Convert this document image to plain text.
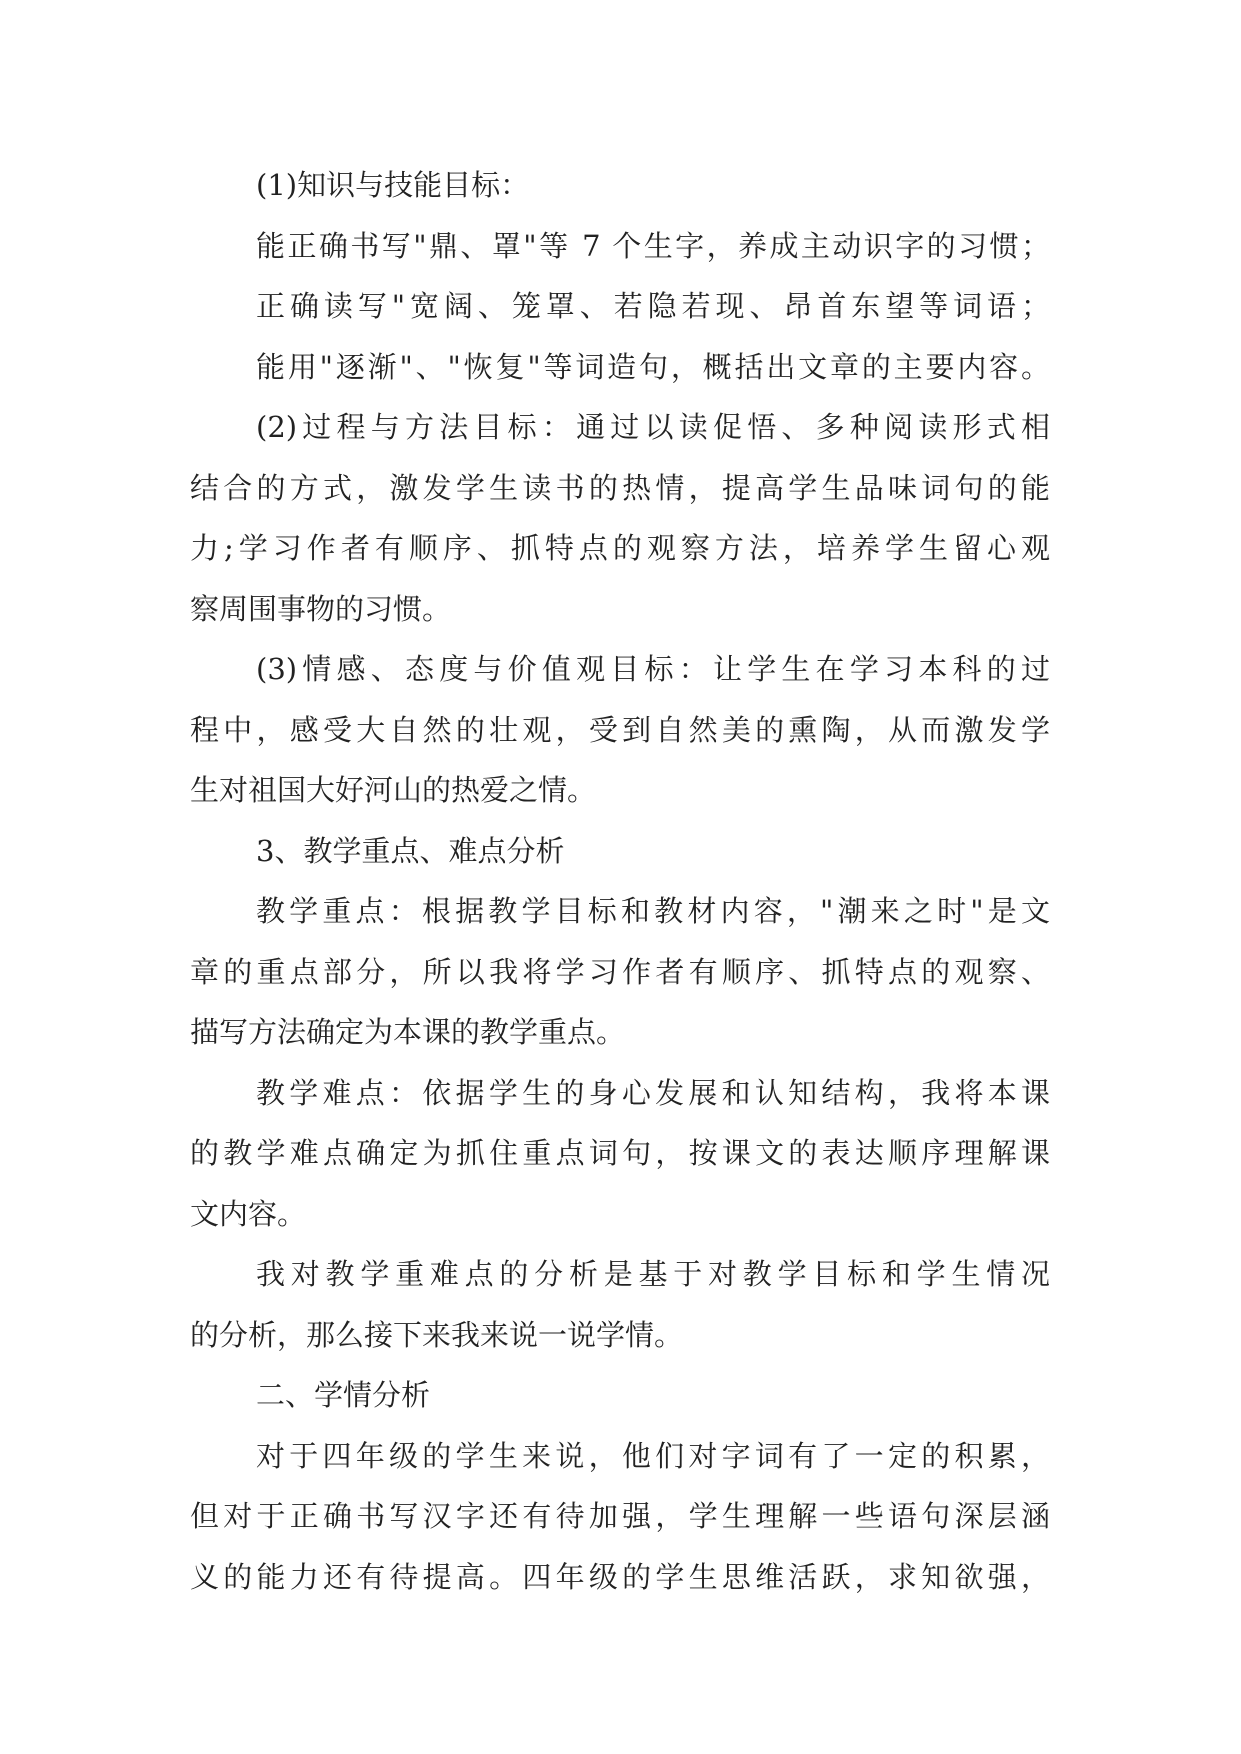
(1)知识与技能目标：
能正确书写"鼎、罩"等 7 个生字，养成主动识字的习惯；
正确读写"宽阔、笼罩、若隐若现、昂首东望等词语；
能用"逐渐"、"恢复"等词造句，概括出文章的主要内容。
(2)过程与方法目标：通过以读促悟、多种阅读形式相
结合的方式，激发学生读书的热情，提高学生品味词句的能
力;学习作者有顺序、抓特点的观察方法，培养学生留心观
察周围事物的习惯。
(3)情感、态度与价值观目标：让学生在学习本科的过
程中，感受大自然的壮观，受到自然美的熏陶，从而激发学
生对祖国大好河山的热爱之情。
3、教学重点、难点分析
教学重点：根据教学目标和教材内容，"潮来之时"是文
章的重点部分，所以我将学习作者有顺序、抓特点的观察、
描写方法确定为本课的教学重点。
教学难点：依据学生的身心发展和认知结构，我将本课
的教学难点确定为抓住重点词句，按课文的表达顺序理解课
文内容。
我对教学重难点的分析是基于对教学目标和学生情况
的分析，那么接下来我来说一说学情。
二、学情分析
对于四年级的学生来说，他们对字词有了一定的积累，
但对于正确书写汉字还有待加强，学生理解一些语句深层涵
义的能力还有待提高。四年级的学生思维活跃，求知欲强，
